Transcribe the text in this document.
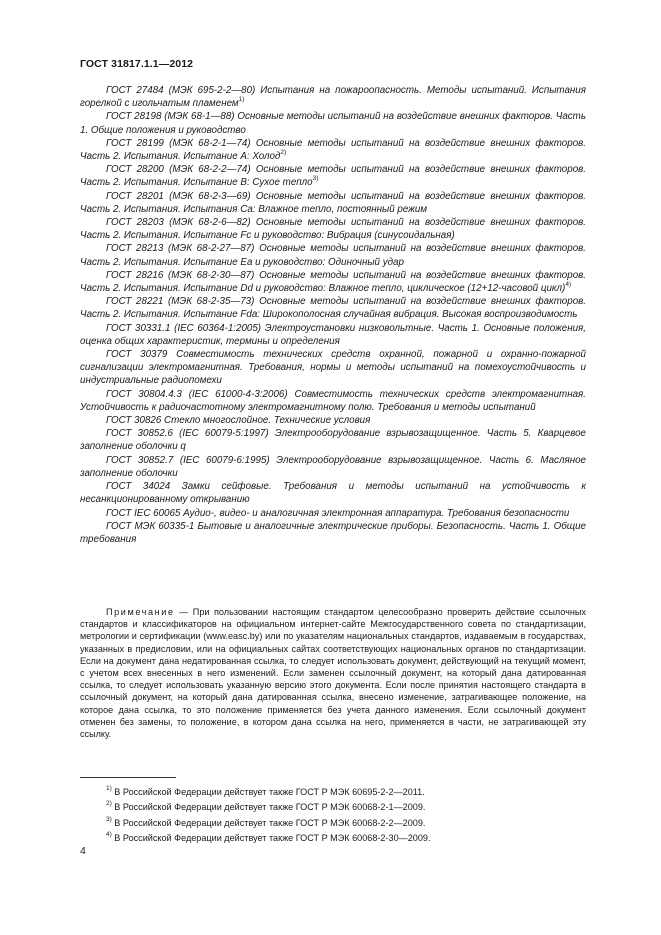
ГОСТ 31817.1.1—2012

ГОСТ 27484 (МЭК 695-2-2—80) Испытания на пожароопасность. Методы испытаний. Испытания горелкой с игольчатым пламенем$^{1)}$

ГОСТ 28198 (МЭК 68-1—88) Основные методы испытаний на воздействие внешних факторов. Часть 1. Общие положения и руководство

ГОСТ 28199 (МЭК 68-2-1—74) Основные методы испытаний на воздействие внешних факторов. Часть 2. Испытания. Испытание А: Холод$^{2)}$

ГОСТ 28200 (МЭК 68-2-2—74) Основные методы испытаний на воздействие внешних факторов. Часть 2. Испытания. Испытание В: Сухое тепло$^{3)}$

ГОСТ 28201 (МЭК 68-2-3—69) Основные методы испытаний на воздействие внешних факторов. Часть 2. Испытания. Испытания Са: Влажное тепло, постоянный режим

ГОСТ 28203 (МЭК 68-2-6—82) Основные методы испытаний на воздействие внешних факторов. Часть 2. Испытания. Испытание Fc и руководство: Вибрация (синусоидальная)

ГОСТ 28213 (МЭК 68-2-27—87) Основные методы испытаний на воздействие внешних факторов. Часть 2. Испытания. Испытание Еа и руководство: Одиночный удар

ГОСТ 28216 (МЭК 68-2-30—87) Основные методы испытаний на воздействие внешних факторов. Часть 2. Испытания. Испытание Dd и руководство: Влажное тепло, циклическое (12+12-часовой цикл)$^{4)}$

ГОСТ 28221 (МЭК 68-2-35—73) Основные методы испытаний на воздействие внешних факторов. Часть 2. Испытания. Испытание Fda: Широкополосная случайная вибрация. Высокая воспроизводимость

ГОСТ 30331.1 (IEC 60364-1:2005) Электроустановки низковольтные. Часть 1. Основные положения, оценка общих характеристик, термины и определения

ГОСТ 30379 Совместимость технических средств охранной, пожарной и охранно-пожарной сигнализации электромагнитная. Требования, нормы и методы испытаний на помехоустойчивость и индустриальные радиопомехи

ГОСТ 30804.4.3 (IEC 61000-4-3:2006) Совместимость технических средств электромагнитная. Устойчивость к радиочастотному электромагнитному полю. Требования и методы испытаний

ГОСТ 30826 Стекло многослойное. Технические условия

ГОСТ 30852.6 (IEC 60079-5:1997) Электрооборудование взрывозащищенное. Часть 5. Кварцевое заполнение оболочки q

ГОСТ 30852.7 (IEC 60079-6:1995) Электрооборудование взрывозащищенное. Часть 6. Масляное заполнение оболочки

ГОСТ 34024 Замки сейфовые. Требования и методы испытаний на устойчивость к несанкционированному открыванию

ГОСТ IEC 60065 Аудио-, видео- и аналогичная электронная аппаратура. Требования безопасности

ГОСТ МЭК 60335-1 Бытовые и аналогичные электрические приборы. Безопасность. Часть 1. Общие требования

Примечание — При пользовании настоящим стандартом целесообразно проверить действие ссылочных стандартов и классификаторов на официальном интернет-сайте Межгосударственного совета по стандартизации, метрологии и сертификации (www.easc.by) или по указателям национальных стандартов, издаваемым в государствах, указанных в предисловии, или на официальных сайтах соответствующих национальных органов по стандартизации. Если на документ дана недатированная ссылка, то следует использовать документ, действующий на текущий момент, с учетом всех внесенных в него изменений. Если заменен ссылочный документ, на который дана датированная ссылка, то следует использовать указанную версию этого документа. Если после принятия настоящего стандарта в ссылочный документ, на который дана датированная ссылка, внесено изменение, затрагивающее положение, на которое дана ссылка, то это положение применяется без учета данного изменения. Если ссылочный документ отменен без замены, то положение, в котором дана ссылка на него, применяется в части, не затрагивающей эту ссылку.

$^{1)}$ В Российской Федерации действует также ГОСТ Р МЭК 60695-2-2—2011.

$^{2)}$ В Российской Федерации действует также ГОСТ Р МЭК 60068-2-1—2009.

$^{3)}$ В Российской Федерации действует также ГОСТ Р МЭК 60068-2-2—2009.

$^{4)}$ В Российской Федерации действует также ГОСТ Р МЭК 60068-2-30—2009.

4
